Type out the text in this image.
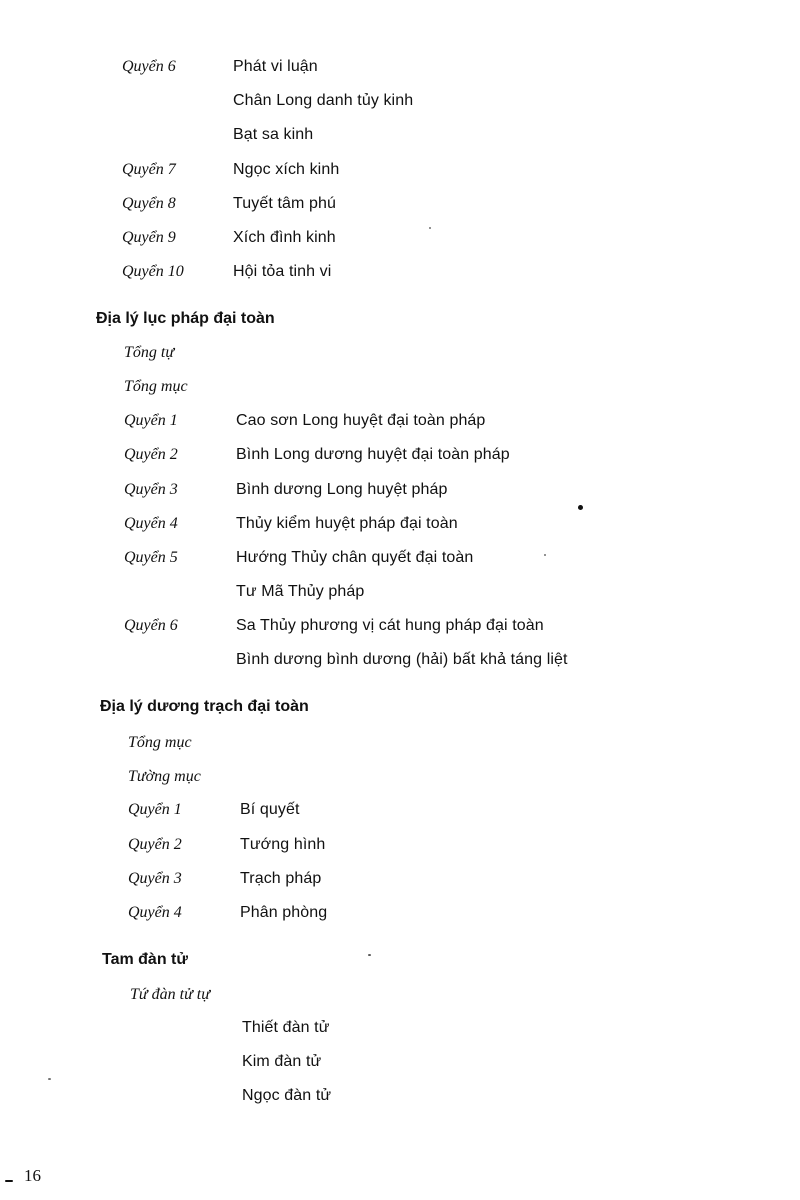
Quyển 6	Phát vi luận
Chân Long danh tủy kinh
Bạt sa kinh
Quyển 7	Ngọc xích kinh
Quyển 8	Tuyết tâm phú
Quyển 9	Xích đình kinh
Quyển 10	Hội tỏa tinh vi
Địa lý lục pháp đại toàn
Tổng tự
Tổng mục
Quyển 1	Cao sơn Long huyệt đại toàn pháp
Quyển 2	Bình Long dương huyệt đại toàn pháp
Quyển 3	Bình dương Long huyệt pháp
Quyển 4	Thủy kiểm huyệt pháp đại toàn
Quyển 5	Hướng Thủy chân quyết đại toàn
Tư Mã Thủy pháp
Quyển 6	Sa Thủy phương vị cát hung pháp đại toàn
Bình dương bình dương (hải) bất khả táng liệt
Địa lý dương trạch đại toàn
Tổng mục
Tường mục
Quyển 1	Bí quyết
Quyển 2	Tướng hình
Quyển 3	Trạch pháp
Quyển 4	Phân phòng
Tam đàn tử
Tứ đàn tử tự
Thiết đàn tử
Kim đàn tử
Ngọc đàn tử
16
